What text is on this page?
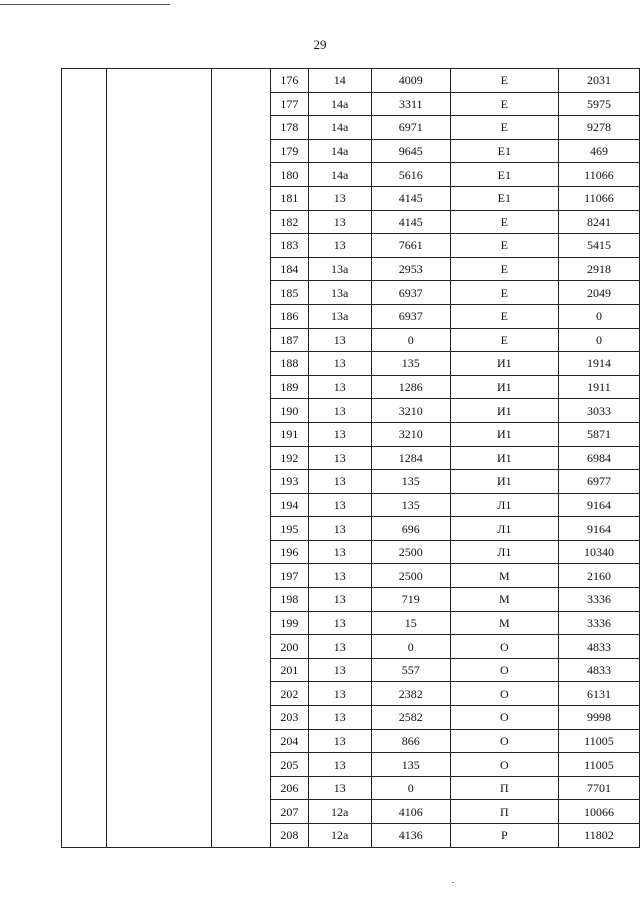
29
			176	14	4009	Е	2031
			177	14а	3311	Е	5975
			178	14а	6971	Е	9278
			179	14а	9645	Е1	469
			180	14а	5616	Е1	11066
			181	13	4145	Е1	11066
			182	13	4145	Е	8241
			183	13	7661	Е	5415
			184	13а	2953	Е	2918
			185	13а	6937	Е	2049
			186	13а	6937	Е	0
			187	13	0	Е	0
			188	13	135	И1	1914
			189	13	1286	И1	1911
			190	13	3210	И1	3033
			191	13	3210	И1	5871
			192	13	1284	И1	6984
			193	13	135	И1	6977
			194	13	135	Л1	9164
			195	13	696	Л1	9164
			196	13	2500	Л1	10340
			197	13	2500	М	2160
			198	13	719	М	3336
			199	13	15	М	3336
			200	13	0	О	4833
			201	13	557	О	4833
			202	13	2382	О	6131
			203	13	2582	О	9998
			204	13	866	О	11005
			205	13	135	О	11005
			206	13	0	П	7701
			207	12а	4106	П	10066
			208	12а	4136	Р	11802
